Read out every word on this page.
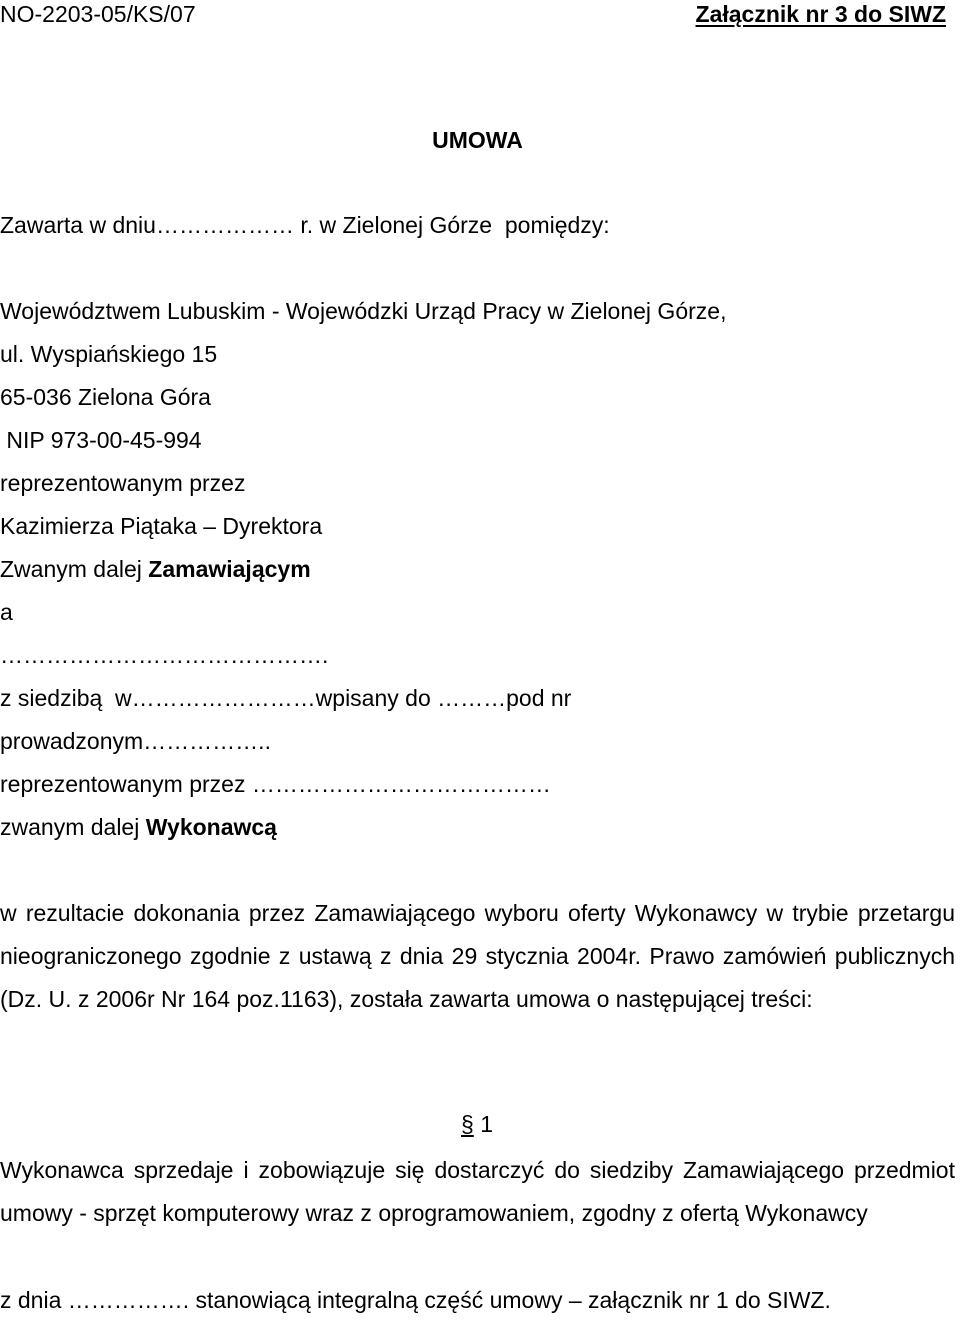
NO-2203-05/KS/07	Załącznik nr 3 do SIWZ

UMOWA

Zawarta w dniu……………… r. w Zielonej Górze  pomiędzy:

Województwem Lubuskim - Wojewódzki Urząd Pracy w Zielonej Górze,

ul. Wyspiańskiego 15

65-036 Zielona Góra

NIP 973-00-45-994

reprezentowanym przez

Kazimierza Piątaka – Dyrektora

Zwanym dalej Zamawiającym

a

…………………………………….

z siedzibą  w……………………wpisany do ………pod nr

prowadzonym……………..

reprezentowanym przez …………………………………

zwanym dalej Wykonawcą

w rezultacie dokonania przez Zamawiającego wyboru oferty Wykonawcy w trybie przetargu nieograniczonego zgodnie z ustawą z dnia 29 stycznia 2004r. Prawo zamówień publicznych (Dz. U. z 2006r Nr 164 poz.1163), została zawarta umowa o następującej treści:

§ 1

Wykonawca sprzedaje i zobowiązuje się dostarczyć do siedziby Zamawiającego przedmiot umowy - sprzęt komputerowy wraz z oprogramowaniem, zgodny z ofertą Wykonawcy

z dnia ……………. stanowiącą integralną część umowy – załącznik nr 1 do SIWZ.
